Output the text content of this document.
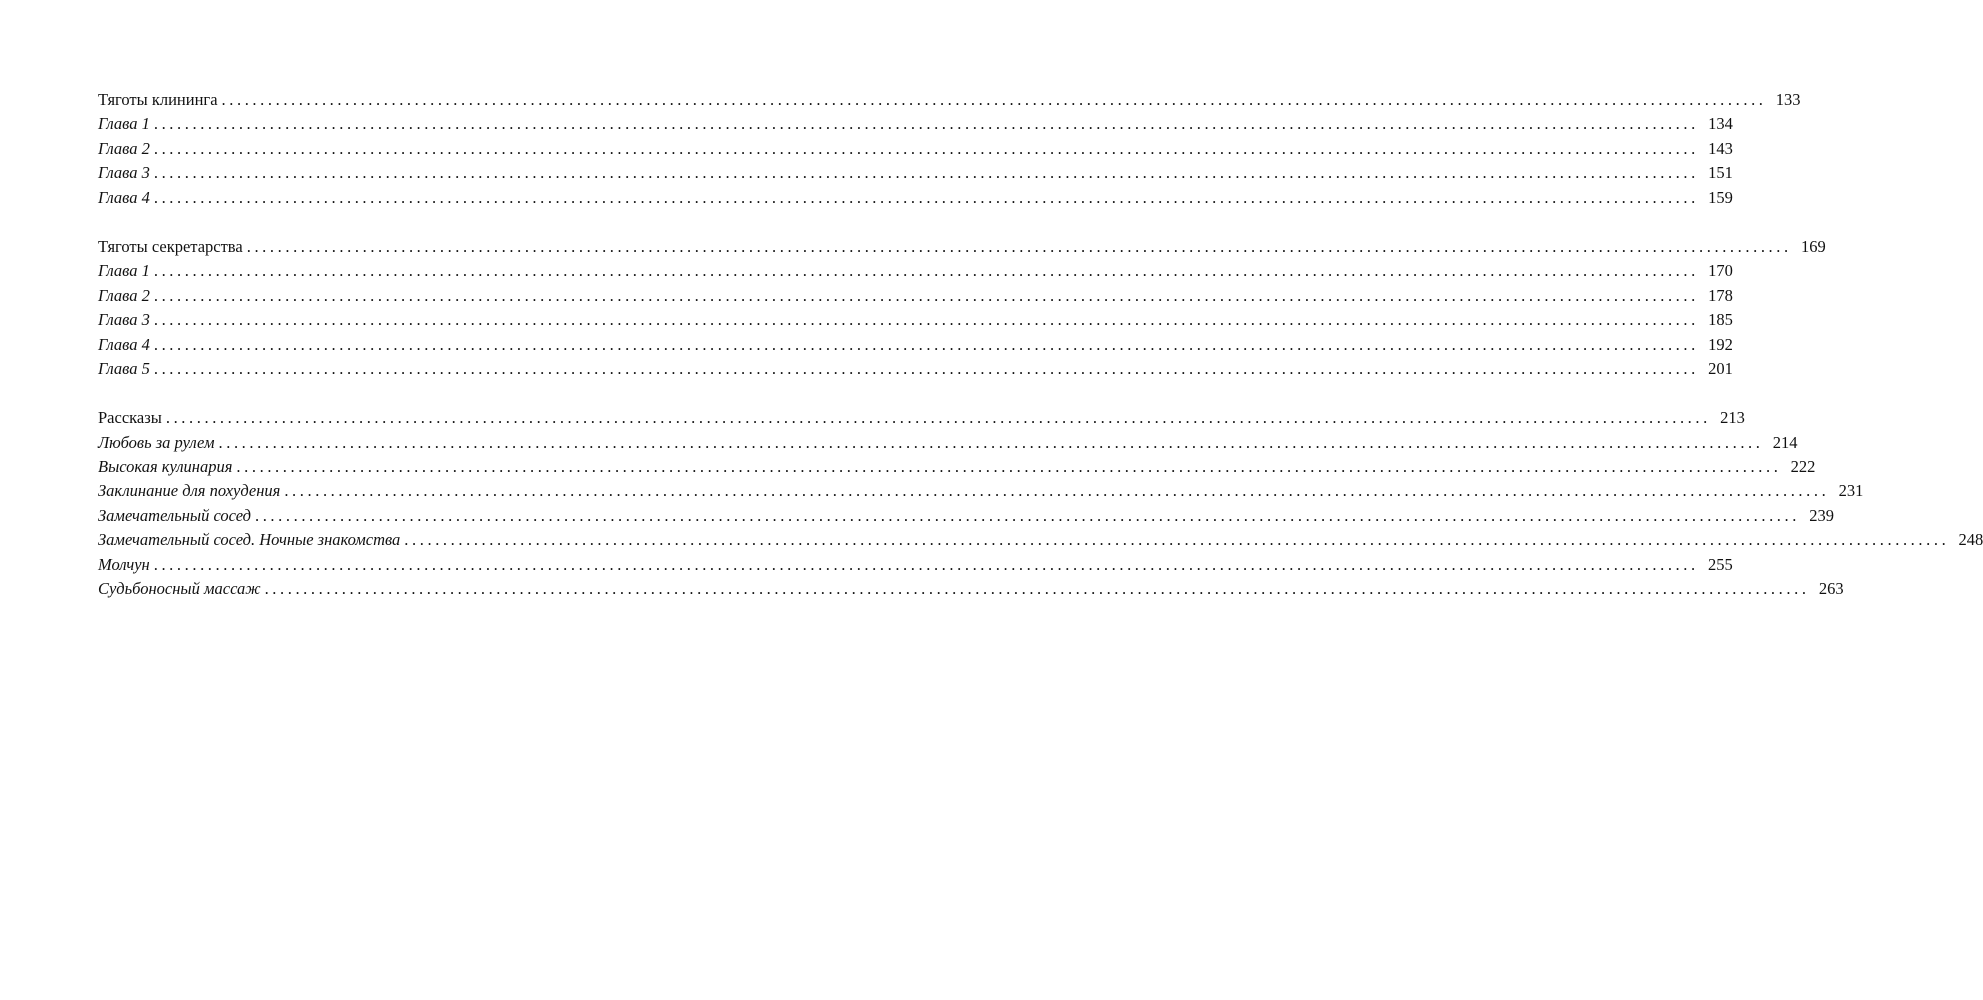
Тяготы клининга ........................................................................................................................................................................................................ 133
Глава 1 ........................................................................................................................................................................................................ 134
Глава 2 ........................................................................................................................................................................................................ 143
Глава 3 ........................................................................................................................................................................................................ 151
Глава 4 ........................................................................................................................................................................................................ 159
Тяготы секретарства ........................................................................................................................................................................................................ 169
Глава 1 ........................................................................................................................................................................................................ 170
Глава 2 ........................................................................................................................................................................................................ 178
Глава 3 ........................................................................................................................................................................................................ 185
Глава 4 ........................................................................................................................................................................................................ 192
Глава 5 ........................................................................................................................................................................................................ 201
Рассказы ........................................................................................................................................................................................................ 213
Любовь за рулем ........................................................................................................................................................................................................ 214
Высокая кулинария ........................................................................................................................................................................................................ 222
Заклинание для похудения ........................................................................................................................................................................................................ 231
Замечательный сосед ........................................................................................................................................................................................................ 239
Замечательный сосед. Ночные знакомства ........................................................................................................................................................................................................ 248
Молчун ........................................................................................................................................................................................................ 255
Судьбоносный массаж ........................................................................................................................................................................................................ 263
